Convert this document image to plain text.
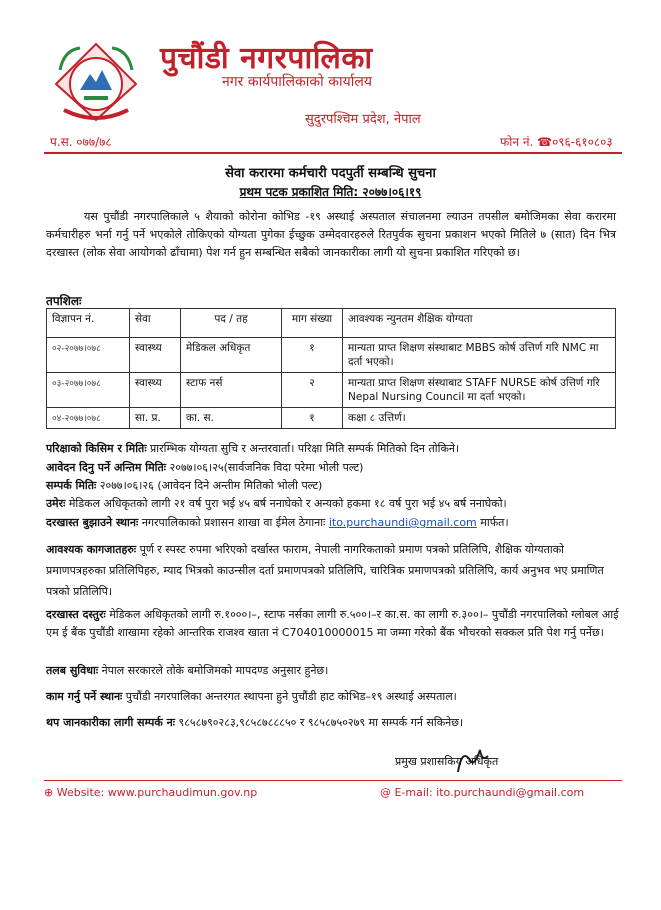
पुचौंडी नगरपालिका
नगर कार्यपालिकाको कार्यालय
सुदुरपश्चिम प्रदेश, नेपाल
प.स. ०७७/७८	फोन नं. ☎०९६-६१०८०३
सेवा करारमा कर्मचारी पदपुर्ती सम्बन्धि सुचना
प्रथम पटक प्रकाशित मिति: २०७७।०६।१९
यस पुचौंडी नगरपालिकाले ५ शैयाको कोरोना कोभिड -१९ अस्थाई अस्पताल संचालनमा ल्याउन तपसील बमोजिमका सेवा करारमा कर्मचारीहरु भर्ना गर्नु पर्ने भएकोले तोकिएको योग्यता पुगेका ईच्छुक उम्मेदवारहरुले रितपुर्वक सुचना प्रकाशन भएको मितिले ७ (सात) दिन भित्र दरखास्त (लोक सेवा आयोगको ढाँचामा) पेश गर्न हुन सम्बन्धित सबैको जानकारीका लागी यो सुचना प्रकाशित गरिएको छ।
तपशिलः
विज्ञापन नं.	सेवा	पद / तह	माग संख्या	आवश्यक न्युनतम शैक्षिक योग्यता
०२-२०७७।०७८	स्वास्थ्य	मेडिकल अधिकृत	१	मान्यता प्राप्त शिक्षण संस्थाबाट MBBS कोर्ष उत्तिर्ण गरि NMC मा दर्ता भएको।
०३-२०७७।०७८	स्वास्थ्य	स्टाफ नर्स	२	मान्यता प्राप्त शिक्षण संस्थाबाट STAFF NURSE कोर्ष उत्तिर्ण गरि Nepal Nursing Council मा दर्ता भएको।
०४-२०७७।०७८	सा. प्र.	का. स.	१	कक्षा ८ उत्तिर्ण।
परिक्षाको किसिम र मितिः प्रारम्भिक योग्यता सुचि र अन्तरवार्ता। परिक्षा मिति सम्पर्क मितिको दिन तोकिने।
आवेदन दिनु पर्ने अन्तिम मितिः २०७७।०६।२५(सार्वजनिक विदा परेमा भोली पल्ट)
सम्पर्क मितिः २०७७।०६।२६ (आवेदन दिने अन्तीम मितिको भोली पल्ट)
उमेरः मेडिकल अधिकृतको लागी २१ वर्ष पुरा भई ४५ बर्ष ननाघेको र अन्यको हकमा १८ वर्ष पुरा भई ४५ बर्ष ननाघेको।
दरखास्त बुझाउने स्थानः नगरपालिकाको प्रशासन शाखा वा ईमेल ठेगानाः ito.purchaundi@gmail.com मार्फत।
आवश्यक कागजातहरुः पूर्ण र स्पस्ट रुपमा भरिएको दर्खास्त फाराम, नेपाली नागरिकताको प्रमाण पत्रको प्रतिलिपि, शैक्षिक योग्यताको प्रमाणपत्रहरुका प्रतिलिपिहरु, म्याद भित्रको काउन्सील दर्ता प्रमाणपत्रको प्रतिलिपि, चारित्रिक प्रमाणपत्रको प्रतिलिपि, कार्य अनुभव भए प्रमाणित पत्रको प्रतिलिपि।
दरखास्त दस्तुरः मेडिकल अधिकृतको लागी रु.१०००।–, स्टाफ नर्सका लागी रु.५००।–र का.स. का लागी रु.३००।– पुचौंडी नगरपालिको ग्लोबल आई एम ई बैंक पुचौंडी शाखामा रहेको आन्तरिक राजश्व खाता नं C704010000015 मा जम्मा गरेको बैंक भौचरको सक्कल प्रति पेश गर्नु पर्नेछ।
तलब सुविधाः नेपाल सरकारले तोके बमोजिमको मापदण्ड अनुसार हुनेछ।
काम गर्नु पर्ने स्थानः पुचौंडी नगरपालिका अन्तरगत स्थापना हुने पुचौंडी हाट कोभिड–१९ अस्थाई अस्पताल।
थप जानकारीका लागी सम्पर्क नः ९८५८७९०२८३,९८५८७८८८५० र ९८५८७५०२७९ मा सम्पर्क गर्न सकिनेछ।
प्रमुख प्रशासकिय अधिकृत
⊕ Website: www.purchaudimun.gov.np	@ E-mail: ito.purchaundi@gmail.com
